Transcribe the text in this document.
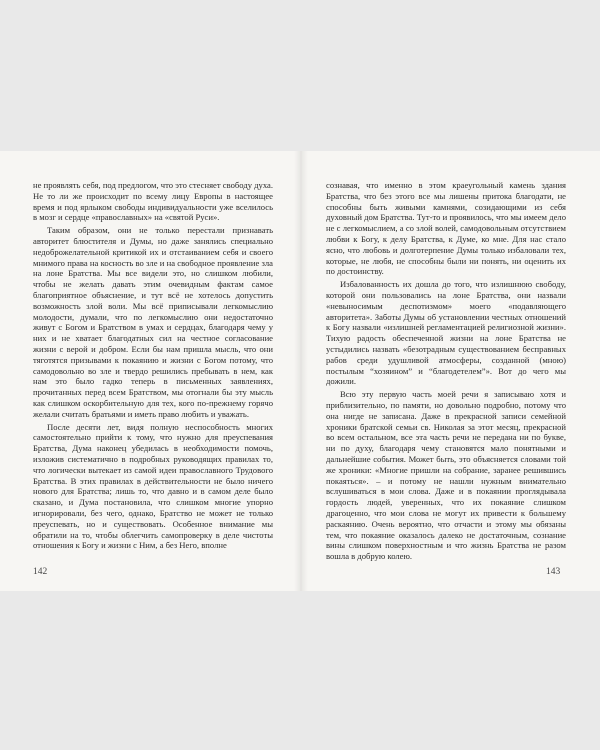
не проявлять себя, под предлогом, что это стесняет свободу духа. Не то ли же происходит по всему лицу Европы в настоящее время и под ярлыком свободы индивидуальности уже вселилось в мозг и сердце «православных» на «святой Руси».

Таким образом, они не только перестали признавать авторитет блюстителя и Думы, но даже занялись специально недоброжелательной критикой их и отстаиванием себя и своего мнимого права на косность во зле и на свободное проявление зла на лоне Братства. Мы все видели это, но слишком любили, чтобы не желать давать этим очевидным фактам самое благоприятное объяснение, и тут всё не хотелось допустить возможность злой воли. Мы всё приписывали легкомыслию молодости, думали, что по легкомыслию они недостаточно живут с Богом и Братством в умах и сердцах, благодаря чему у них и не хватает благодатных сил на честное согласование жизни с верой и добром. Если бы нам пришла мысль, что они тяготятся призывами к покаянию и жизни с Богом потому, что самодовольно во зле и твердо решились пребывать в нем, как нам это было гадко теперь в письменных заявлениях, прочитанных перед всем Братством, мы отогнали бы эту мысль как слишком оскорбительную для тех, кого по-прежнему горячо желали считать братьями и иметь право любить и уважать.

После десяти лет, видя полную неспособность многих самостоятельно прийти к тому, что нужно для преуспевания Братства, Дума наконец убедилась в необходимости помочь, изложив систематично в подробных руководящих правилах то, что логически вытекает из самой идеи православного Трудового Братства. В этих правилах в действительности не было ничего нового для Братства; лишь то, что давно и в самом деле было сказано, и Дума постановила, что слишком многие упорно игнорировали, без чего, однако, Братство не может не только преуспевать, но и существовать. Особенное внимание мы обратили на то, чтобы облегчить самопроверку в деле чистоты отношения к Богу и жизни с Ним, а без Него, вполне

142

сознавая, что именно в этом краеугольный камень здания Братства, что без этого все мы лишены притока благодати, не способны быть живыми камнями, созидающими из себя духовный дом Братства. Тут-то и проявилось, что мы имеем дело не с легкомыслием, а со злой волей, самодовольным отсутствием любви к Богу, к делу Братства, к Думе, ко мне. Для нас стало ясно, что любовь и долготерпение Думы только избаловали тех, которые, не любя, не способны были ни понять, ни оценить их по достоинству.

Избалованность их дошла до того, что излишнюю свободу, которой они пользовались на лоне Братства, они назвали «невыносимым деспотизмом» моего «подавляющего авторитета». Заботы Думы об установлении честных отношений к Богу назвали «излишней регламентацией религиозной жизни». Тихую радость обеспеченной жизни на лоне Братства не устыдились назвать «безотрадным существованием бесправных рабов среди удушливой атмосферы, созданной (мною) постылым “хозяином” и “благодетелем”». Вот до чего мы дожили.

Всю эту первую часть моей речи я записываю хотя и приблизительно, по памяти, но довольно подробно, потому что она нигде не записана. Даже в прекрасной записи семейной хроники братской семьи св. Николая за этот месяц, прекрасной во всем остальном, все эта часть речи не передана ни по букве, ни по духу, благодаря чему становятся мало понятными и дальнейшие события. Может быть, это объясняется словами той же хроники: «Многие пришли на собрание, заранее решившись покаяться». – и потому не нашли нужным внимательно вслушиваться в мои слова. Даже и в покаянии проглядывала гордость людей, уверенных, что их покаяние слишком драгоценно, что мои слова не могут их привести к большему раскаянию. Очень вероятно, что отчасти и этому мы обязаны тем, что покаяние оказалось далеко не достаточным, сознание вины слишком поверхностным и что жизнь Братства не разом вошла в добрую колею.

143
